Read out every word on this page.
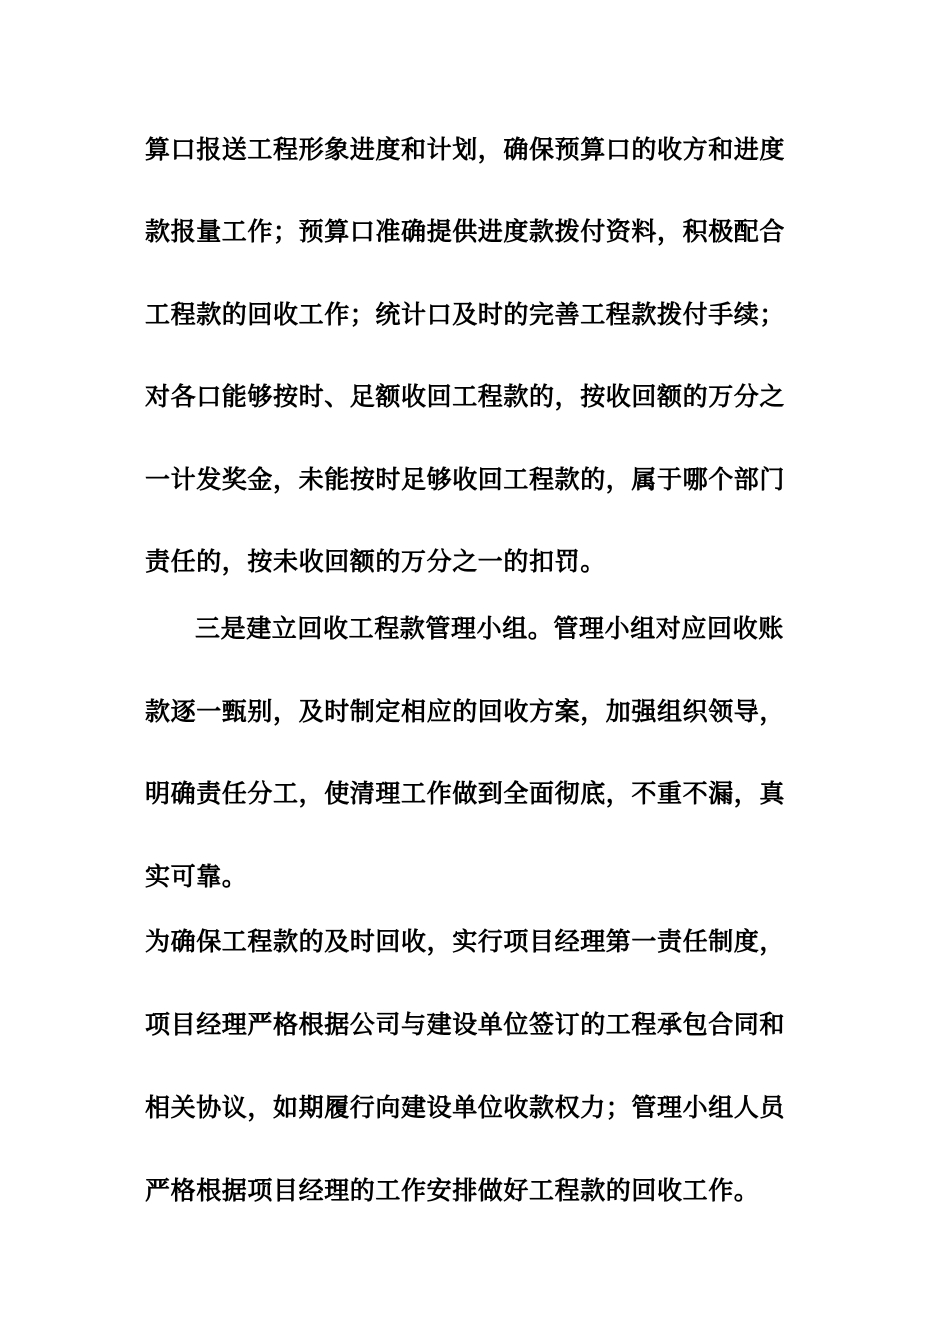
算口报送工程形象进度和计划，确保预算口的收方和进度
款报量工作；预算口准确提供进度款拨付资料，积极配合
工程款的回收工作；统计口及时的完善工程款拨付手续；
对各口能够按时、足额收回工程款的，按收回额的万分之
一计发奖金，未能按时足够收回工程款的，属于哪个部门
责任的，按未收回额的万分之一的扣罚。
三是建立回收工程款管理小组。管理小组对应回收账
款逐一甄别，及时制定相应的回收方案，加强组织领导，
明确责任分工，使清理工作做到全面彻底，不重不漏，真
实可靠。
为确保工程款的及时回收，实行项目经理第一责任制度，
项目经理严格根据公司与建设单位签订的工程承包合同和
相关协议，如期履行向建设单位收款权力；管理小组人员
严格根据项目经理的工作安排做好工程款的回收工作。
